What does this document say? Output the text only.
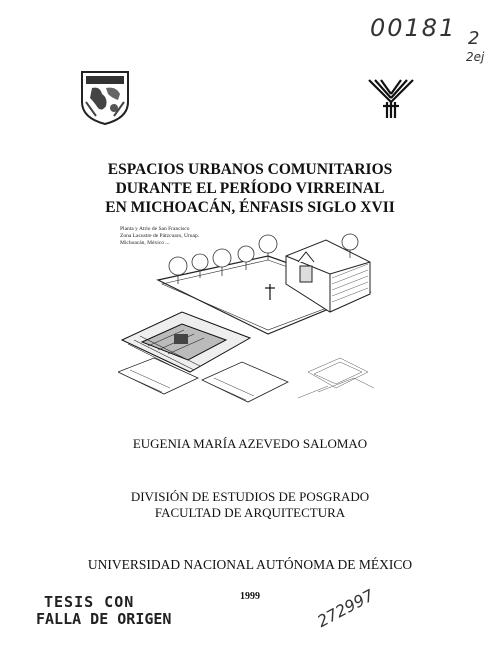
00181 2
2ej
ESPACIOS URBANOS COMUNITARIOS
DURANTE EL PERÍODO VIRREINAL
EN MICHOACÁN, ÉNFASIS SIGLO XVII
Planta y Atrio de San Francisco
Zona Lacustre de Pátzcuaro, Uruap.
Michoacán, México ...
EUGENIA MARÍA AZEVEDO SALOMAO
DIVISIÓN DE ESTUDIOS DE POSGRADO
FACULTAD DE ARQUITECTURA
UNIVERSIDAD NACIONAL AUTÓNOMA DE MÉXICO
1999
TESIS CON
FALLA DE ORIGEN	272997
